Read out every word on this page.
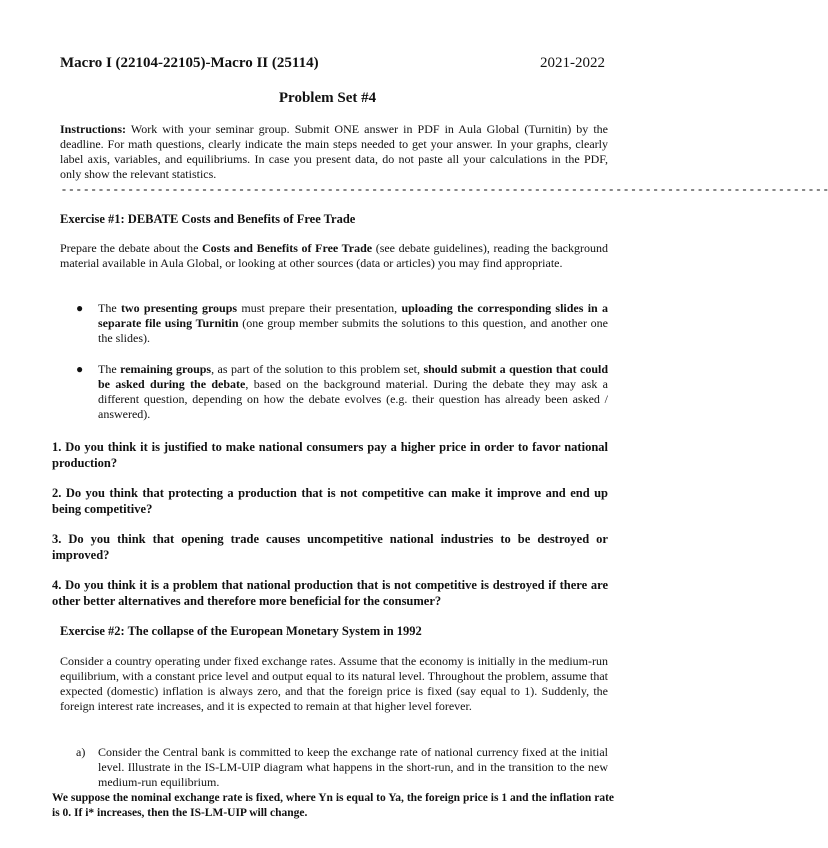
Macro I (22104-22105)-Macro II (25114)	2021-2022
Problem Set #4
Instructions: Work with your seminar group. Submit ONE answer in PDF in Aula Global (Turnitin) by the deadline. For math questions, clearly indicate the main steps needed to get your answer. In your graphs, clearly label axis, variables, and equilibriums. In case you present data, do not paste all your calculations in the PDF, only show the relevant statistics.
- - - - - - - - - - - - - - - - - - - - - - - - - - - - - - - - - - - - - - - - - - - - - - - - - - - - - - - - - - - - - - - - - - - - - - - - - - - - - - - - - - - - - - - - - - - - - - - - - - - - - - - -
Exercise #1: DEBATE Costs and Benefits of Free Trade
Prepare the debate about the Costs and Benefits of Free Trade (see debate guidelines), reading the background material available in Aula Global, or looking at other sources (data or articles) you may find appropriate.
● The two presenting groups must prepare their presentation, uploading the corresponding slides in a separate file using Turnitin (one group member submits the solutions to this question, and another one the slides).
● The remaining groups, as part of the solution to this problem set, should submit a question that could be asked during the debate, based on the background material. During the debate they may ask a different question, depending on how the debate evolves (e.g. their question has already been asked / answered).
1. Do you think it is justified to make national consumers pay a higher price in order to favor national production?
2. Do you think that protecting a production that is not competitive can make it improve and end up being competitive?
3. Do you think that opening trade causes uncompetitive national industries to be destroyed or improved?
4. Do you think it is a problem that national production that is not competitive is destroyed if there are other better alternatives and therefore more beneficial for the consumer?
Exercise #2: The collapse of the European Monetary System in 1992
Consider a country operating under fixed exchange rates. Assume that the economy is initially in the medium-run equilibrium, with a constant price level and output equal to its natural level. Throughout the problem, assume that expected (domestic) inflation is always zero, and that the foreign price is fixed (say equal to 1). Suddenly, the foreign interest rate increases, and it is expected to remain at that higher level forever.
a) Consider the Central bank is committed to keep the exchange rate of national currency fixed at the initial level. Illustrate in the IS-LM-UIP diagram what happens in the short-run, and in the transition to the new medium-run equilibrium.
We suppose the nominal exchange rate is fixed, where Yn is equal to Ya, the foreign price is 1 and the inflation rate is 0. If i* increases, then the IS-LM-UIP will change.
